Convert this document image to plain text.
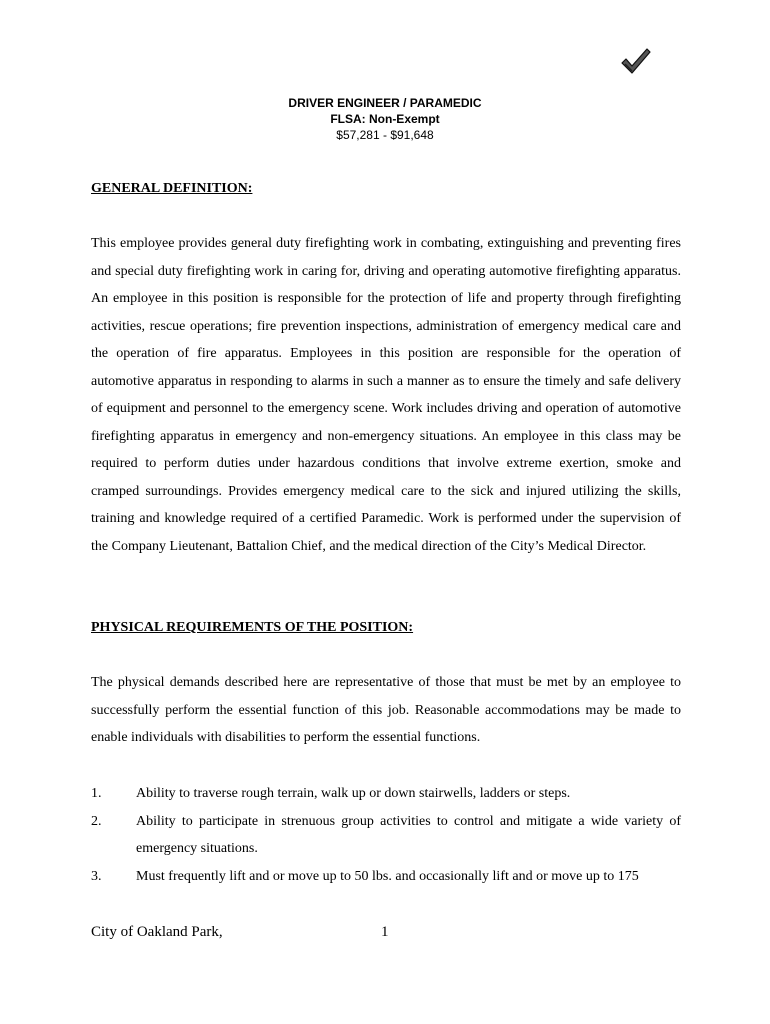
DRIVER ENGINEER / PARAMEDIC
FLSA: Non-Exempt
$57,281 - $91,648
GENERAL DEFINITION:
This employee provides general duty firefighting work in combating, extinguishing and preventing fires and special duty firefighting work in caring for, driving and operating automotive firefighting apparatus. An employee in this position is responsible for the protection of life and property through firefighting activities, rescue operations; fire prevention inspections, administration of emergency medical care and the operation of fire apparatus. Employees in this position are responsible for the operation of automotive apparatus in responding to alarms in such a manner as to ensure the timely and safe delivery of equipment and personnel to the emergency scene. Work includes driving and operation of automotive firefighting apparatus in emergency and non-emergency situations. An employee in this class may be required to perform duties under hazardous conditions that involve extreme exertion, smoke and cramped surroundings. Provides emergency medical care to the sick and injured utilizing the skills, training and knowledge required of a certified Paramedic. Work is performed under the supervision of the Company Lieutenant, Battalion Chief, and the medical direction of the City’s Medical Director.
PHYSICAL REQUIREMENTS OF THE POSITION:
The physical demands described here are representative of those that must be met by an employee to successfully perform the essential function of this job. Reasonable accommodations may be made to enable individuals with disabilities to perform the essential functions.
1.	Ability to traverse rough terrain, walk up or down stairwells, ladders or steps.
2.	Ability to participate in strenuous group activities to control and mitigate a wide variety of emergency situations.
3.	Must frequently lift and or move up to 50 lbs. and occasionally lift and or move up to 175
City of Oakland Park,	1
